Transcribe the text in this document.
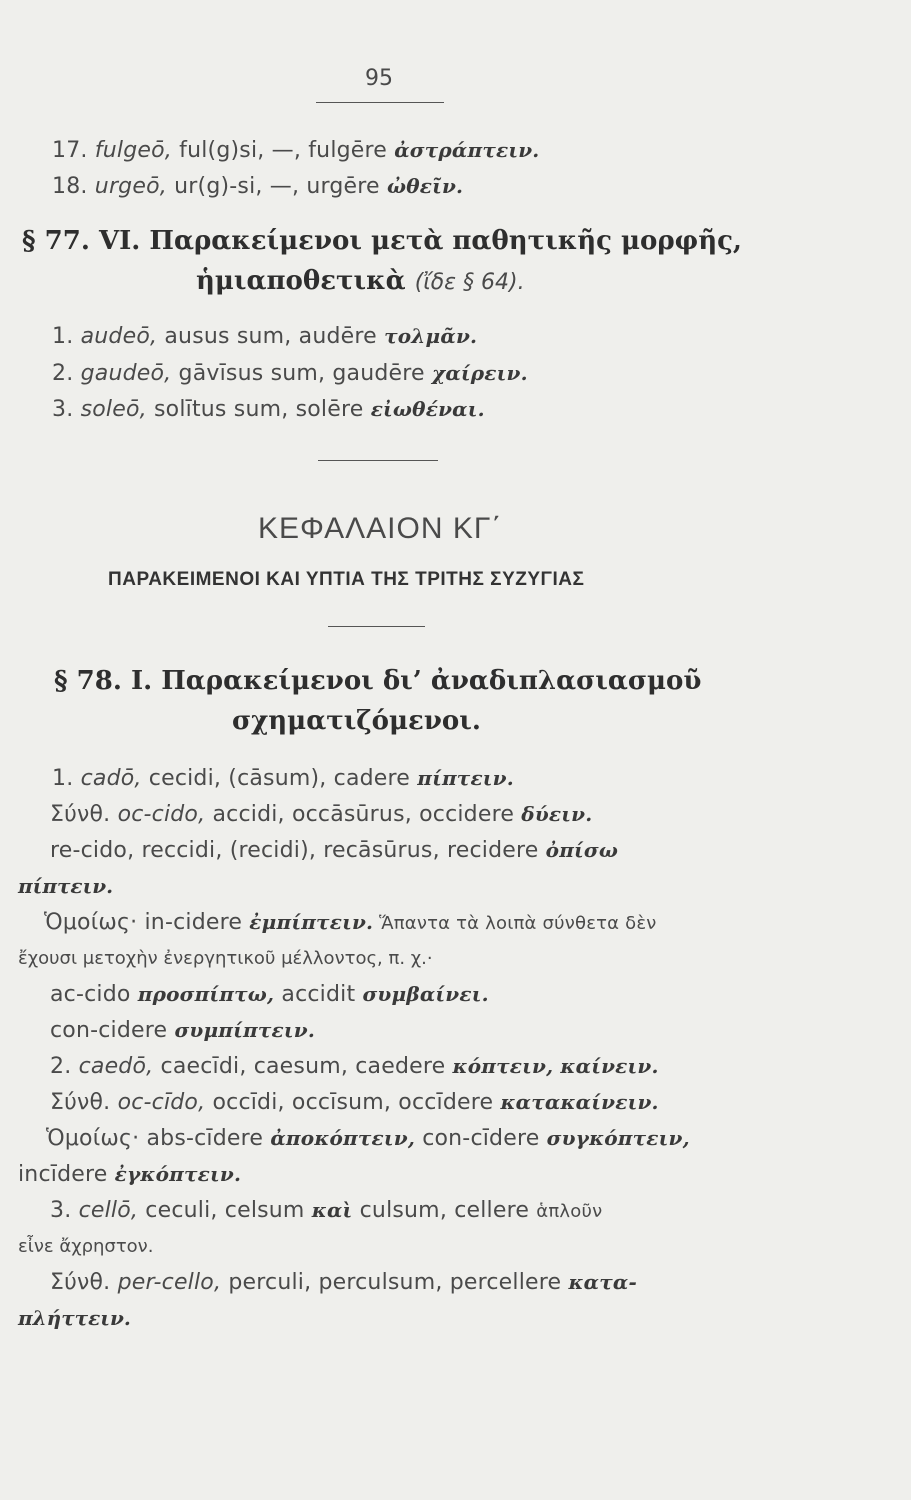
95
17. fulgeō, ful(g)si, —, fulgēre ἀστράπτειν.
18. urgeō, ur(g)-si, —, urgēre ὠθεῖν.
§ 77. VI. Παρακείμενοι μετὰ παθητικῆς μορφῆς,
ἡμιαποθετικὰ (ἴδε § 64).
1. audeō, ausus sum, audēre τολμᾶν.
2. gaudeō, gāvīsus sum, gaudēre χαίρειν.
3. soleō, solītus sum, solēre εἰωθέναι.
ΚΕΦΑΛΑΙΟΝ ΚΓ΄
ΠΑΡΑΚΕΙΜΕΝΟΙ ΚΑΙ ΥΠΤΙΑ ΤΗΣ ΤΡΙΤΗΣ ΣΥΖΥΓΙΑΣ
§ 78. I. Παρακείμενοι δι’ ἀναδιπλασιασμοῦ
σχηματιζόμενοι.
1. cadō, cecidi, (cāsum), cadere πίπτειν.
Σύνθ. oc-cido, accidi, occāsūrus, occidere δύειν.
re-cido, reccidi, (recidi), recāsūrus, recidere ὀπίσω
πίπτειν.
Ὁμοίως· in-cidere ἐμπίπτειν. Ἅπαντα τὰ λοιπὰ σύνθετα δὲν
ἔχουσι μετοχὴν ἐνεργητικοῦ μέλλοντος, π. χ.·
ac-cido προσπίπτω, accidit συμβαίνει.
con-cidere συμπίπτειν.
2. caedō, caecīdi, caesum, caedere κόπτειν, καίνειν.
Σύνθ. oc-cīdo, occīdi, occīsum, occīdere κατακαίνειν.
Ὁμοίως· abs-cīdere ἀποκόπτειν, con-cīdere συγκόπτειν,
incīdere ἐγκόπτειν.
3. cellō, ceculi, celsum καὶ culsum, cellere ἁπλοῦν
εἶνε ἄχρηστον.
Σύνθ. per-cello, perculi, perculsum, percellere κατα-
πλήττειν.
